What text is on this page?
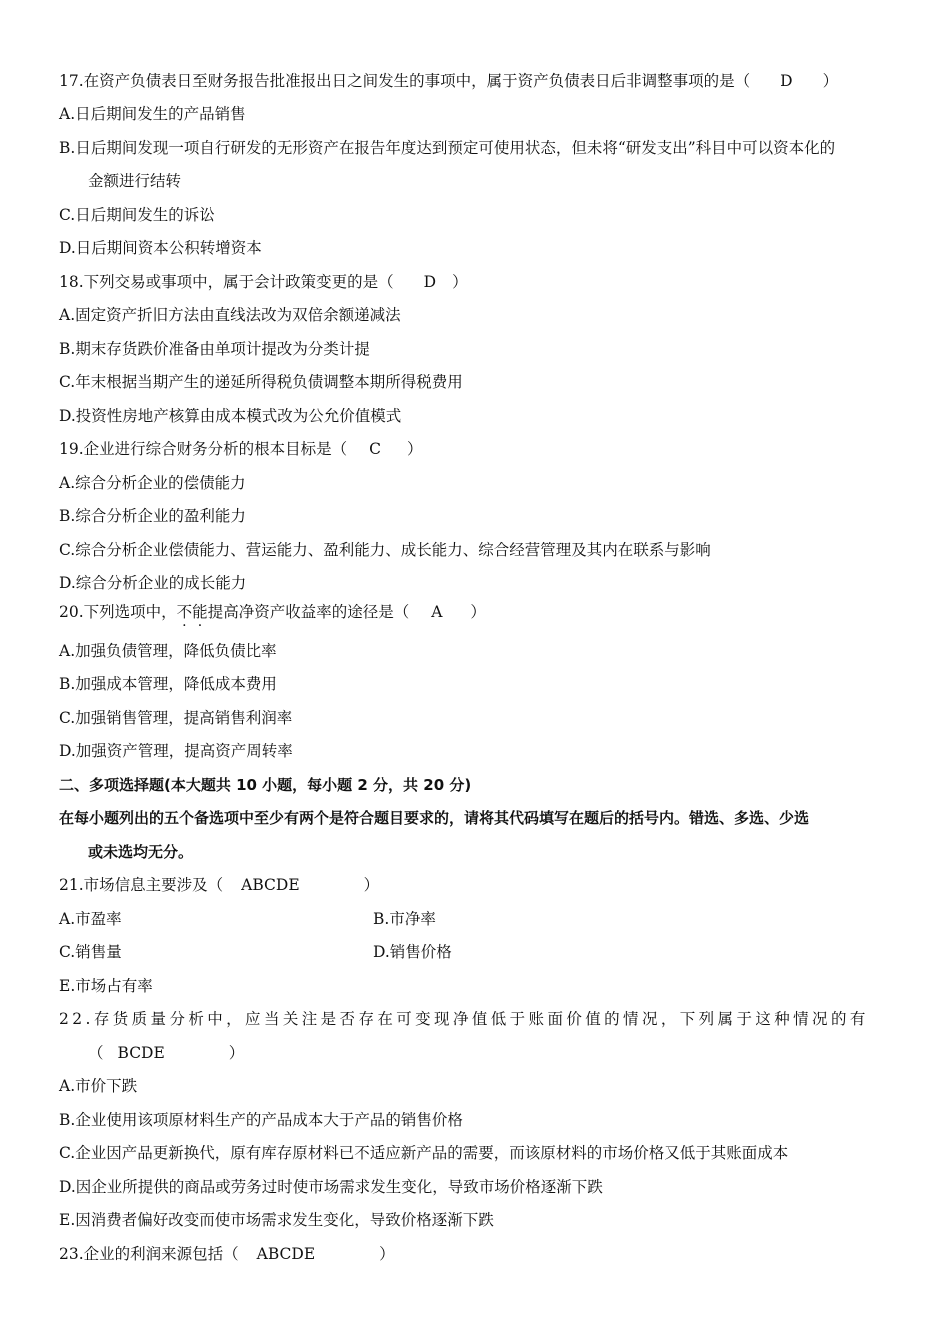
17.在资产负债表日至财务报告批准报出日之间发生的事项中，属于资产负债表日后非调整事项的是（ D ）
A.日后期间发生的产品销售
B.日后期间发现一项自行研发的无形资产在报告年度达到预定可使用状态，但未将“研发支出”科目中可以资本化的
金额进行结转
C.日后期间发生的诉讼
D.日后期间资本公积转增资本
18.下列交易或事项中，属于会计政策变更的是（ D ）
A.固定资产折旧方法由直线法改为双倍余额递减法
B.期末存货跌价准备由单项计提改为分类计提
C.年末根据当期产生的递延所得税负债调整本期所得税费用
D.投资性房地产核算由成本模式改为公允价值模式
19.企业进行综合财务分析的根本目标是（ C ）
A.综合分析企业的偿债能力
B.综合分析企业的盈利能力
C.综合分析企业偿债能力、营运能力、盈利能力、成长能力、综合经营管理及其内在联系与影响
D.综合分析企业的成长能力
20.下列选项中，不能提高净资产收益率的途径是（ A ）
A.加强负债管理，降低负债比率
B.加强成本管理，降低成本费用
C.加强销售管理，提高销售利润率
D.加强资产管理，提高资产周转率
二、多项选择题(本大题共 10 小题，每小题 2 分，共 20 分)
在每小题列出的五个备选项中至少有两个是符合题目要求的，请将其代码填写在题后的括号内。错选、多选、少选
或未选均无分。
21.市场信息主要涉及（ ABCDE	）
A.市盈率	B.市净率
C.销售量	D.销售价格
E.市场占有率
22.存货质量分析中，应当关注是否存在可变现净值低于账面价值的情况，下列属于这种情况的有
（ BCDE	）
A.市价下跌
B.企业使用该项原材料生产的产品成本大于产品的销售价格
C.企业因产品更新换代，原有库存原材料已不适应新产品的需要，而该原材料的市场价格又低于其账面成本
D.因企业所提供的商品或劳务过时使市场需求发生变化，导致市场价格逐渐下跌
E.因消费者偏好改变而使市场需求发生变化，导致价格逐渐下跌
23.企业的利润来源包括（ ABCDE	）
